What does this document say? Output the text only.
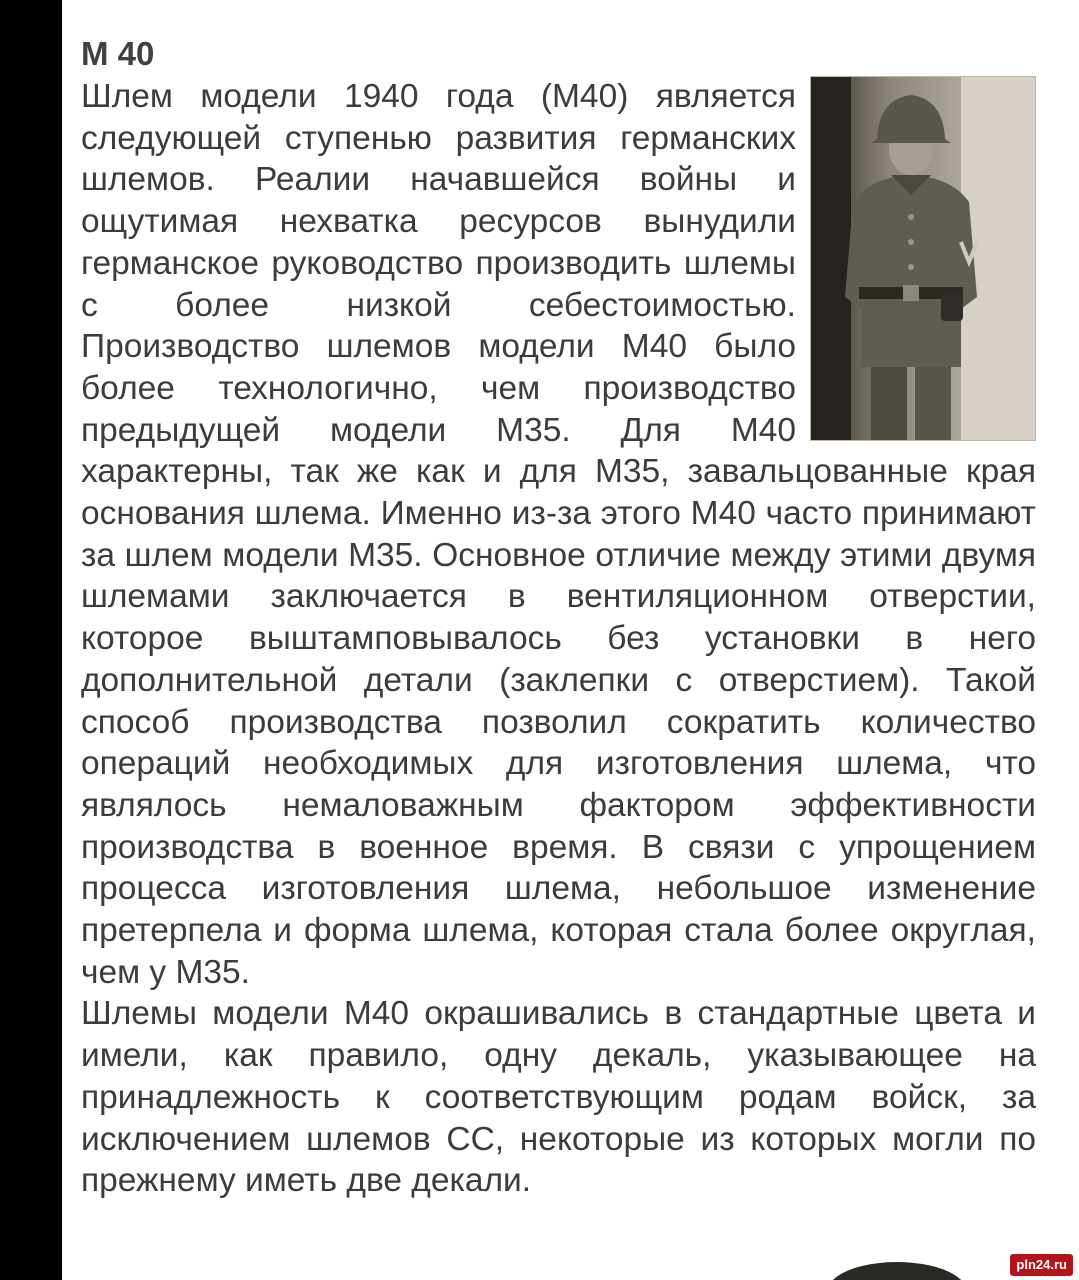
М 40

Шлем модели 1940 года (М40) является следующей ступенью развития германских шлемов. Реалии начавшейся войны и ощутимая нехватка ресурсов вынудили германское руководство производить шлемы с более низкой себестоимостью. Производство шлемов модели М40 было более технологично, чем производство предыдущей модели М35. Для М40 характерны, так же как и для М35, завальцованные края основания шлема. Именно из-за этого М40 часто принимают за шлем модели М35. Основное отличие между этими двумя шлемами заключается в вентиляционном отверстии, которое выштамповывалось без установки в него дополнительной детали (заклепки с отверстием). Такой способ производства позволил сократить количество операций необходимых для изготовления шлема, что являлось немаловажным фактором эффективности производства в военное время. В связи с упрощением процесса изготовления шлема, небольшое изменение претерпела и форма шлема, которая стала более округлая, чем у М35.

Шлемы модели М40 окрашивались в стандартные цвета и имели, как правило, одну декаль, указывающее на принадлежность к соответствующим родам войск, за исключением шлемов СС, некоторые из которых могли по прежнему иметь две декали.

pln24.ru
